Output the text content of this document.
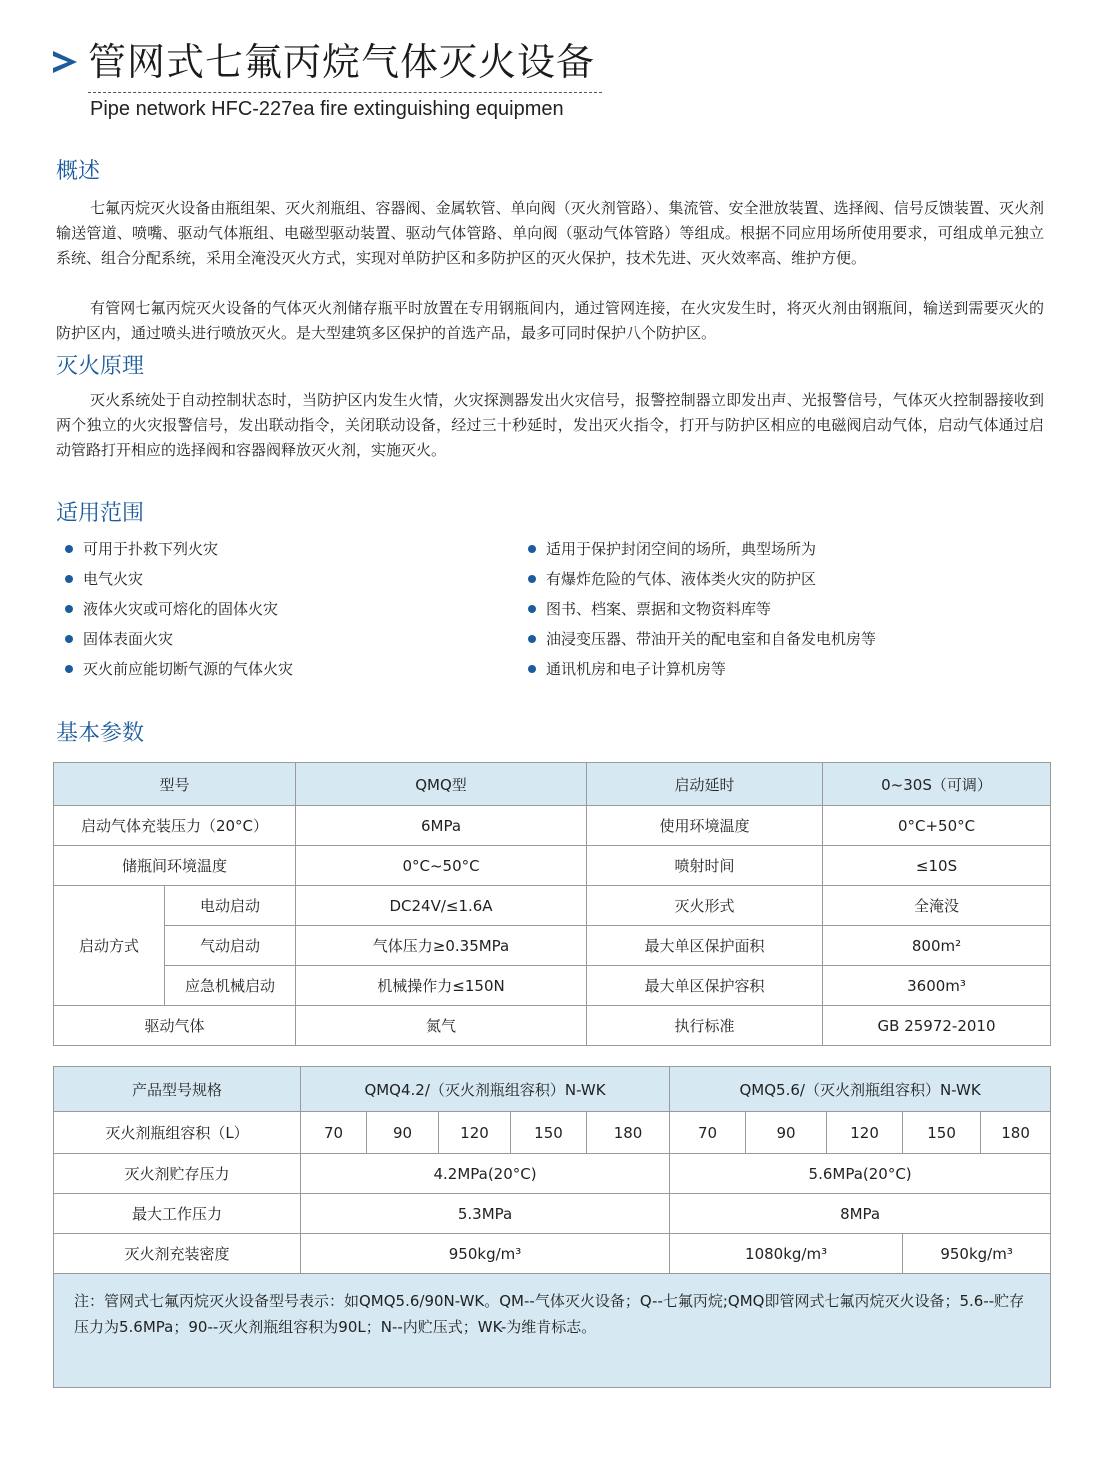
管网式七氟丙烷气体灭火设备
Pipe network HFC-227ea fire extinguishing equipmen
概述

七氟丙烷灭火设备由瓶组架、灭火剂瓶组、容器阀、金属软管、单向阀（灭火剂管路）、集流管、安全泄放装置、选择阀、信号反馈装置、灭火剂输送管道、喷嘴、驱动气体瓶组、电磁型驱动装置、驱动气体管路、单向阀（驱动气体管路）等组成。根据不同应用场所使用要求，可组成单元独立系统、组合分配系统，采用全淹没灭火方式，实现对单防护区和多防护区的灭火保护，技术先进、灭火效率高、维护方便。

有管网七氟丙烷灭火设备的气体灭火剂储存瓶平时放置在专用钢瓶间内，通过管网连接，在火灾发生时，将灭火剂由钢瓶间，输送到需要灭火的防护区内，通过喷头进行喷放灭火。是大型建筑多区保护的首选产品，最多可同时保护八个防护区。

灭火原理

灭火系统处于自动控制状态时，当防护区内发生火情，火灾探测器发出火灾信号，报警控制器立即发出声、光报警信号，气体灭火控制器接收到两个独立的火灾报警信号，发出联动指令，关闭联动设备，经过三十秒延时，发出灭火指令，打开与防护区相应的电磁阀启动气体，启动气体通过启动管路打开相应的选择阀和容器阀释放灭火剂，实施灭火。

适用范围
可用于扑救下列火灾
电气火灾
液体火灾或可熔化的固体火灾
固体表面火灾
灭火前应能切断气源的气体火灾
适用于保护封闭空间的场所，典型场所为
有爆炸危险的气体、液体类火灾的防护区
图书、档案、票据和文物资料库等
油浸变压器、带油开关的配电室和自备发电机房等
通讯机房和电子计算机房等
基本参数
型号		QMQ型	启动延时	0~30S（可调）
启动气体充装压力（20°C）		6MPa	使用环境温度	0°C+50°C
储瓶间环境温度		0°C~50°C	喷射时间	≤10S
启动方式	电动启动	DC24V/≤1.6A	灭火形式	全淹没
	气动启动	气体压力≥0.35MPa	最大单区保护面积	800m²
	应急机械启动	机械操作力≤150N	最大单区保护容积	3600m³
驱动气体		氮气	执行标准	GB 25972-2010
产品型号规格	QMQ4.2/（灭火剂瓶组容积）N-WK					QMQ5.6/（灭火剂瓶组容积）N-WK				
灭火剂瓶组容积（L）	70	90	120	150	180	70	90	120	150	180
灭火剂贮存压力	4.2MPa(20°C)					5.6MPa(20°C)				
最大工作压力	5.3MPa					8MPa				
灭火剂充装密度	950kg/m³					1080kg/m³			950kg/m³	
注：管网式七氟丙烷灭火设备型号表示：如QMQ5.6/90N-WK。QM--气体灭火设备；Q--七氟丙烷;QMQ即管网式七氟丙烷灭火设备；5.6--贮存压力为5.6MPa；90--灭火剂瓶组容积为90L；N--内贮压式；WK-为维肯标志。										
